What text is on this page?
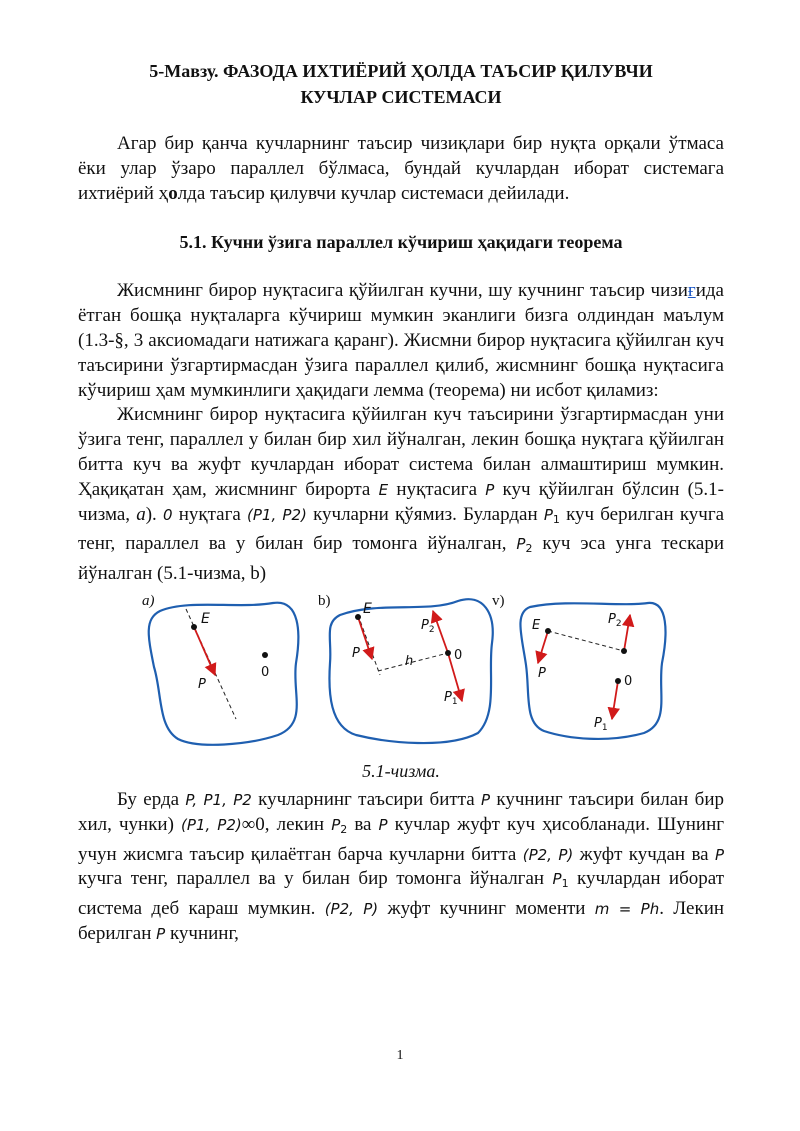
5-Мавзу. ФАЗОДА ИХТИЁРИЙ ҲОЛДА ТАЪСИР ҚИЛУВЧИ
КУЧЛАР СИСТЕМАСИ

Агар бир қанча кучларнинг таъсир чизиқлари бир нуқта орқали ўтмаса ёки улар ўзаро параллел бўлмаса, бундай кучлардан иборат системага ихтиёрий ҳолда таъсир қилувчи кучлар системаси дейилади.

5.1. Кучни ўзига параллел кўчириш ҳақидаги теорема

Жисмнинг бирор нуқтасига қўйилган кучни, шу кучнинг таъсир чизиғида ётган бошқа нуқталарга кўчириш мумкин эканлиги бизга олдиндан маълум (1.3-§, 3 аксиомадаги натижага қаранг). Жисмни бирор нуқтасига қўйилган куч таъсирини ўзгартирмасдан ўзига параллел қилиб, жисмнинг бошқа нуқтасига кўчириш ҳам мумкинлиги ҳақидаги лемма (теорема) ни исбот қиламиз:

Жисмнинг бирор нуқтасига қўйилган куч таъсирини ўзгартирмасдан уни ўзига тенг, параллел у билан бир хил йўналган, лекин бошқа нуқтага қўйилган битта куч ва жуфт кучлардан иборат система билан алмаштириш мумкин. Ҳақиқатан ҳам, жисмнинг бирорта E нуқтасига P куч қўйилган бўлсин (5.1-чизма, а). 0 нуқтага (P1, P2) кучларни қўямиз. Булардан $P_1$ куч берилган кучга тенг, параллел ва у билан бир томонга йўналган, $P_2$ куч эса унга тескари йўналган (5.1-чизма, b)

a)
E
P
0
b) E
P	0
h
$P_2$
$P_1$
v)
E
P
$P_2$
0
$P_1$
5.1-чизма.

Бу ерда P, P1, P2 кучларнинг таъсири битта P кучнинг таъсири билан бир хил, чунки) (P1, P2)∞0, лекин $P_2$ ва P кучлар жуфт куч ҳисобланади. Шунинг учун жисмга таъсир қилаётган барча кучларни битта (P2, P) жуфт кучдан ва P кучга тенг, параллел ва у билан бир томонга йўналган $P_1$ кучлардан иборат система деб караш мумкин. (P2, P) жуфт кучнинг моменти m = Ph. Лекин берилган P кучнинг,

1
